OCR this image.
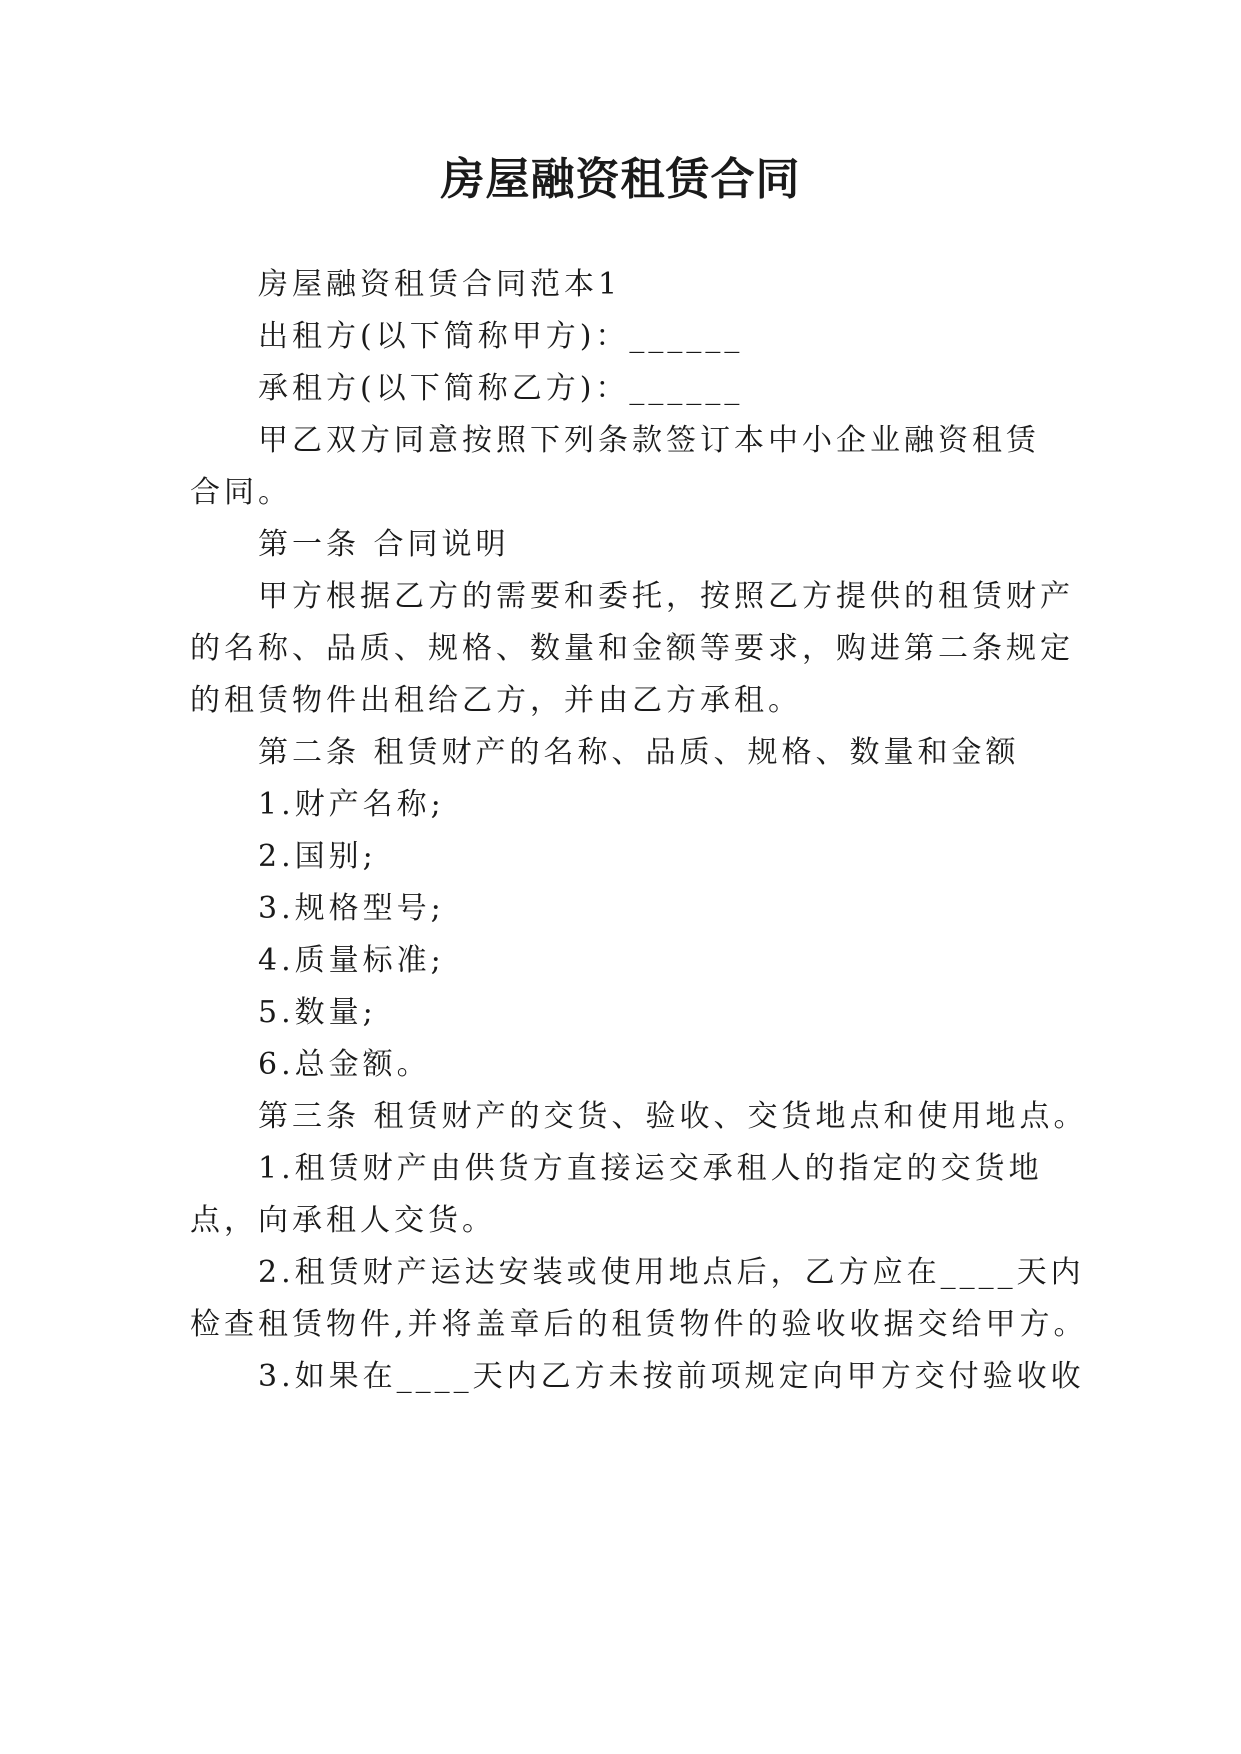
房屋融资租赁合同
房屋融资租赁合同范本1
出租方(以下简称甲方)：______
承租方(以下简称乙方)：______
甲乙双方同意按照下列条款签订本中小企业融资租赁
合同。
第一条 合同说明
甲方根据乙方的需要和委托，按照乙方提供的租赁财产
的名称、品质、规格、数量和金额等要求，购进第二条规定
的租赁物件出租给乙方，并由乙方承租。
第二条 租赁财产的名称、品质、规格、数量和金额
1.财产名称;
2.国别;
3.规格型号;
4.质量标准;
5.数量;
6.总金额。
第三条 租赁财产的交货、验收、交货地点和使用地点。
1.租赁财产由供货方直接运交承租人的指定的交货地
点，向承租人交货。
2.租赁财产运达安装或使用地点后，乙方应在____天内
检查租赁物件,并将盖章后的租赁物件的验收收据交给甲方。
3.如果在____天内乙方未按前项规定向甲方交付验收收
